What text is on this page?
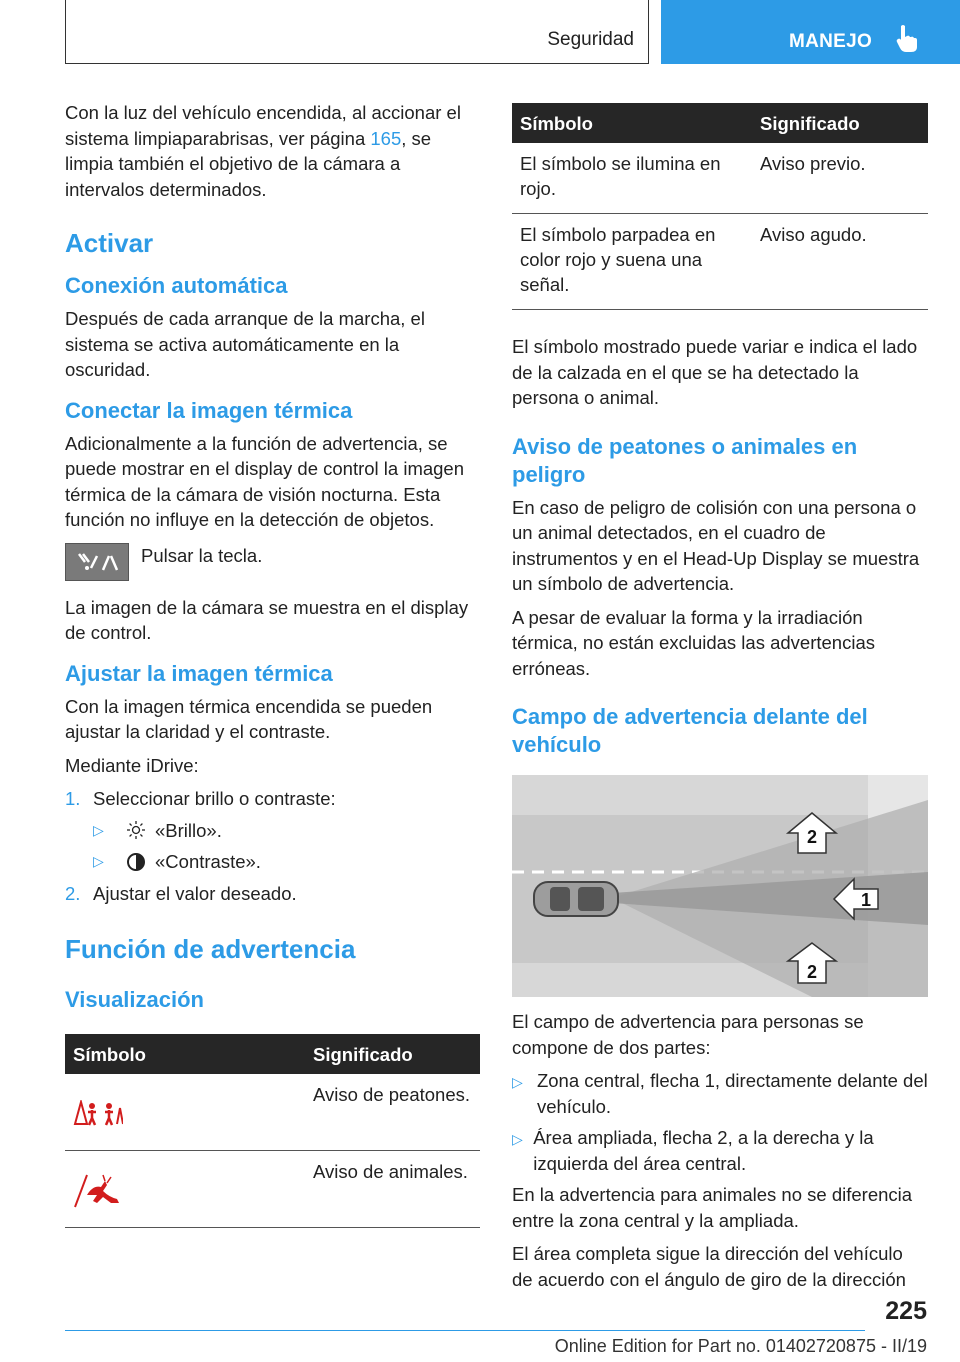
Seguridad	MANEJO

Con la luz del vehículo encendida, al accionar el sistema limpiaparabrisas, ver página 165, se limpia también el objetivo de la cámara a intervalos determinados.

Activar
Conexión automática

Después de cada arranque de la marcha, el sistema se activa automáticamente en la oscuridad.

Conectar la imagen térmica

Adicionalmente a la función de advertencia, se puede mostrar en el display de control la imagen térmica de la cámara de visión nocturna. Esta función no influye en la detección de objetos.

Pulsar la tecla.

La imagen de la cámara se muestra en el display de control.

Ajustar la imagen térmica

Con la imagen térmica encendida se pueden ajustar la claridad y el contraste.

Mediante iDrive:

1. Seleccionar brillo o contraste:
▷	«Brillo».
▷	«Contraste».
2. Ajustar el valor deseado.
Función de advertencia
Visualización
Símbolo	Significado
	Aviso de peatones.
	Aviso de animales.
Símbolo	Significado
El símbolo se ilumina en rojo.	Aviso previo.
El símbolo parpadea en color rojo y suena una señal.	Aviso agudo.

El símbolo mostrado puede variar e indica el lado de la calzada en el que se ha detectado la persona o animal.

Aviso de peatones o animales en peligro

En caso de peligro de colisión con una persona o un animal detectados, en el cuadro de instrumentos y en el Head-Up Display se muestra un símbolo de advertencia.

A pesar de evaluar la forma y la irradiación térmica, no están excluidas las advertencias erróneas.

Campo de advertencia delante del vehículo
2
1
2

El campo de advertencia para personas se compone de dos partes:

▷ Zona central, flecha 1, directamente delante del vehículo.
▷ Área ampliada, flecha 2, a la derecha y la izquierda del área central.

En la advertencia para animales no se diferencia entre la zona central y la ampliada.

El área completa sigue la dirección del vehículo de acuerdo con el ángulo de giro de la dirección

225
Online Edition for Part no. 01402720875 - II/19
